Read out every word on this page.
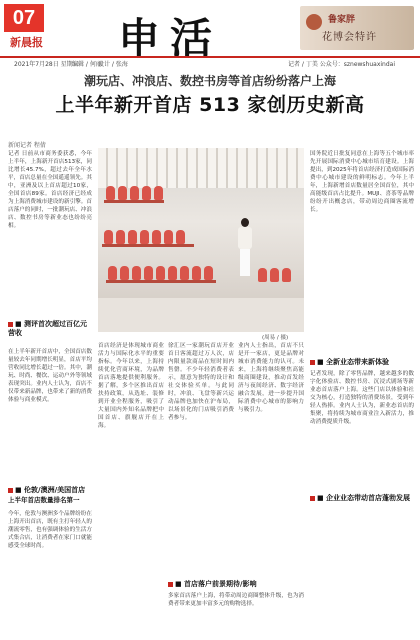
07
新晨报 申活	鲁家胖
花博会特许
2021年7月28日 星期三
编辑 / 何丽
设计 / 张海	记者 / 丁美 公众号：sznewshuaxindai
潮玩店、冲浪店、数控书房等首店纷纷落户上海
上半年新开首店 513 家创历史新高
新闻记者 程倩
记者 日前从市商务委获悉，今年上半年，上海新开首店513家，同比增长45.7%，超过去年全年水平，首店总量在全国遥遥领先。其中，亚洲及以上首店超过10家，全国首店89家。首店经济已经成为上海消费城市建设的新引擎。首店落户的同时，一批潮玩店、冲浪店、数控书房等新业态也纷纷亮相。
■ 测评首次超过百亿元营收
在上半年新开首店中，全国首店数量较去年同期增长明显，首店平均营收同比增长超过一倍。其中，潮玩、时尚、餐饮、运动户外等领域表现突出。业内人士认为，首店不仅带来新品牌，也带来了新的消费体验与商业模式。
■ 伦敦/澳洲/美国首店
上半年首店数量排名第一
今年，伦敦与澳洲多个品牌纷纷在上海开出首店，既有主打年轻人的潮流零售，也有强调体验的生活方式集合店，让消费者在家门口就能感受全球时尚。
(周易 / 摄)
首店经济是体现城市商业活力与国际化水平的重要指标。今年以来，上海持续优化营商环境，为品牌首店落地提供便利服务。据了解，多个区推出首店扶持政策，从选址、装修到开业全程服务，吸引了大量国内外知名品牌把中国首店、旗舰店开在上海。
徐汇区一家潮玩首店开业首日客流超过万人次，店内限量款商品在短时间内售罄。不少年轻消费者表示，愿意为独特的设计和社交体验买单。与此同时，冲浪、飞盘等新兴运动品牌也加快在沪布局，以场景化的门店吸引消费者参与。
业内人士指出，首店不只是开一家店，更是品牌对城市消费能力的认可。未来，上海将继续聚焦高能级商圈建设，推动首发经济与夜间经济、数字经济融合发展，进一步提升国际消费中心城市的影响力与吸引力。
国务院近日批复同意在上海等五个城市率先开展国际消费中心城市培育建设。上海提出，到2025年将首店经济打造成国际消费中心城市建设的鲜明标志。今年上半年，上海新增首店数量居全国首位，其中高能级首店占比提升。MUJI、喜茶等品牌纷纷开出概念店，带动周边商圈客流增长。
■ 全新业态带来新体验
记者发现，除了零售品牌，越来越多的数字化体验店、数控书房、沉浸式剧场等新业态首店落户上海。这些门店以体验和社交为核心，打造独特的消费场景，受到年轻人热捧。业内人士认为，新业态首店的集聚，将持续为城市商业注入新活力，推动消费提质升级。
■ 企业业态带动首店蓬勃发展
■ 首店落户前景期待/影响
多家首店落户上海，将带动周边商圈整体升级，也为消费者带来更加丰富多元的购物选择。
